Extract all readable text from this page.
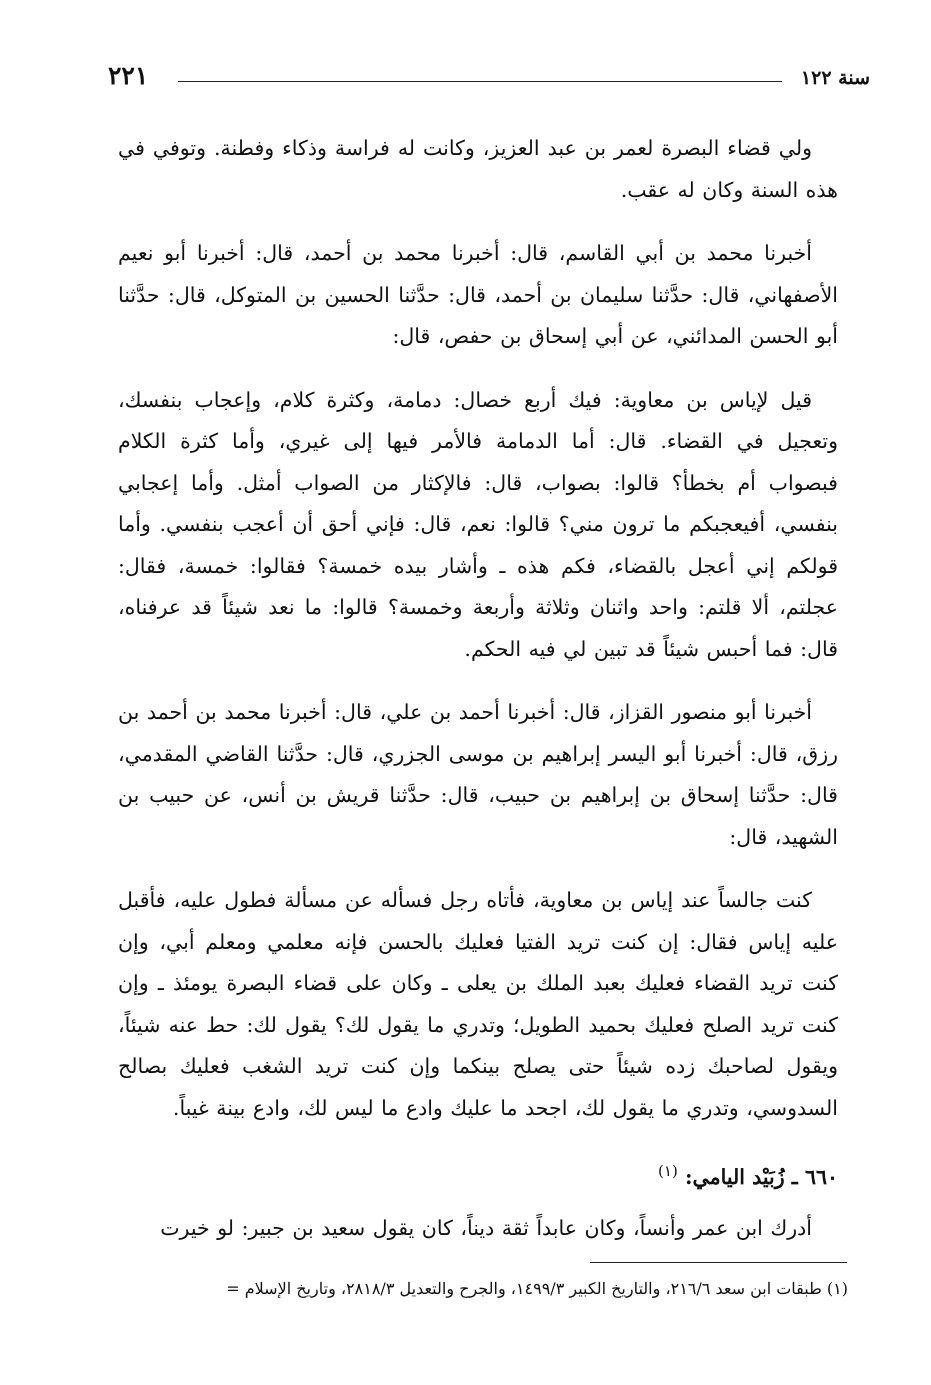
سنة ١٢٢
٢٢١

ولي قضاء البصرة لعمر بن عبد العزيز، وكانت له فراسة وذكاء وفطنة. وتوفي في هذه السنة وكان له عقب.

أخبرنا محمد بن أبي القاسم، قال: أخبرنا محمد بن أحمد، قال: أخبرنا أبو نعيم الأصفهاني، قال: حدَّثنا سليمان بن أحمد، قال: حدَّثنا الحسين بن المتوكل، قال: حدَّثنا أبو الحسن المدائني، عن أبي إسحاق بن حفص، قال:

قيل لإياس بن معاوية: فيك أربع خصال: دمامة، وكثرة كلام، وإعجاب بنفسك، وتعجيل في القضاء. قال: أما الدمامة فالأمر فيها إلى غيري، وأما كثرة الكلام فبصواب أم بخطأ؟ قالوا: بصواب، قال: فالإكثار من الصواب أمثل. وأما إعجابي بنفسي، أفيعجبكم ما ترون مني؟ قالوا: نعم، قال: فإني أحق أن أعجب بنفسي. وأما قولكم إني أعجل بالقضاء، فكم هذه ـ وأشار بيده خمسة؟ فقالوا: خمسة، فقال: عجلتم، ألا قلتم: واحد واثنان وثلاثة وأربعة وخمسة؟ قالوا: ما نعد شيئاً قد عرفناه، قال: فما أحبس شيئاً قد تبين لي فيه الحكم.

أخبرنا أبو منصور القزاز، قال: أخبرنا أحمد بن علي، قال: أخبرنا محمد بن أحمد بن رزق، قال: أخبرنا أبو اليسر إبراهيم بن موسى الجزري، قال: حدَّثنا القاضي المقدمي، قال: حدَّثنا إسحاق بن إبراهيم بن حبيب، قال: حدَّثنا قريش بن أنس، عن حبيب بن الشهيد، قال:

كنت جالساً عند إياس بن معاوية، فأتاه رجل فسأله عن مسألة فطول عليه، فأقبل عليه إياس فقال: إن كنت تريد الفتيا فعليك بالحسن فإنه معلمي ومعلم أبي، وإن كنت تريد القضاء فعليك بعبد الملك بن يعلى ـ وكان على قضاء البصرة يومئذ ـ وإن كنت تريد الصلح فعليك بحميد الطويل؛ وتدري ما يقول لك؟ يقول لك: حط عنه شيئاً، ويقول لصاحبك زده شيئاً حتى يصلح بينكما وإن كنت تريد الشغب فعليك بصالح السدوسي، وتدري ما يقول لك، اجحد ما عليك وادع ما ليس لك، وادع بينة غيباً.

٦٦٠ ـ زُبَيْد اليامي: $^{(١)}$

أدرك ابن عمر وأنساً، وكان عابداً ثقة ديناً، كان يقول سعيد بن جبير: لو خيرت

(١) طبقات ابن سعد ٢١٦/٦، والتاريخ الكبير ١٤٩٩/٣، والجرح والتعديل ٢٨١٨/٣، وتاريخ الإسلام =
